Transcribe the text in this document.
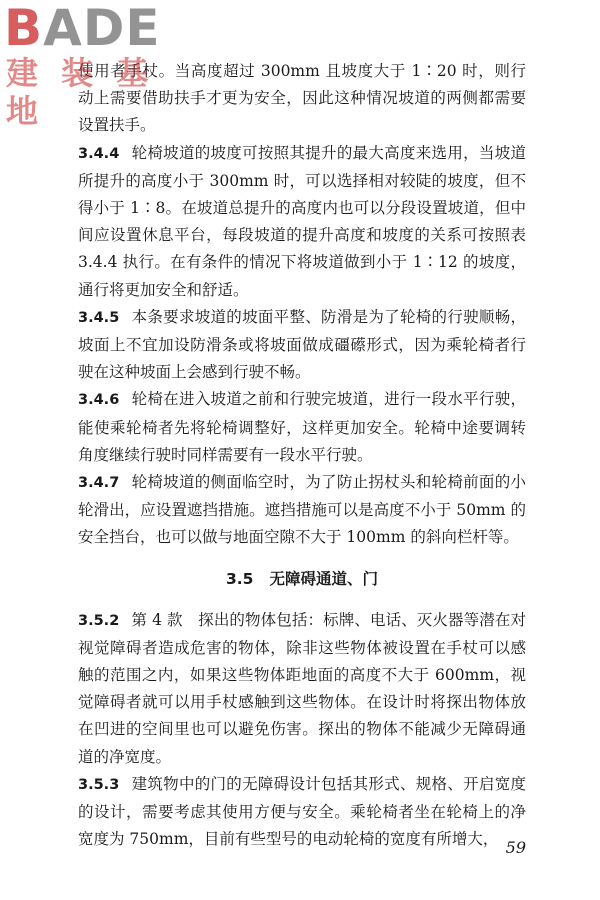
BADE
建 装 基 地

使用者手杖。当高度超过 300mm 且坡度大于 1∶20 时，则行动上需要借助扶手才更为安全，因此这种情况坡道的两侧都需要设置扶手。

3.4.4 轮椅坡道的坡度可按照其提升的最大高度来选用，当坡道所提升的高度小于 300mm 时，可以选择相对较陡的坡度，但不得小于 1∶8。在坡道总提升的高度内也可以分段设置坡道，但中间应设置休息平台，每段坡道的提升高度和坡度的关系可按照表 3.4.4 执行。在有条件的情况下将坡道做到小于 1∶12 的坡度，通行将更加安全和舒适。

3.4.5 本条要求坡道的坡面平整、防滑是为了轮椅的行驶顺畅，坡面上不宜加设防滑条或将坡面做成礓礤形式，因为乘轮椅者行驶在这种坡面上会感到行驶不畅。

3.4.6 轮椅在进入坡道之前和行驶完坡道，进行一段水平行驶，能使乘轮椅者先将轮椅调整好，这样更加安全。轮椅中途要调转角度继续行驶时同样需要有一段水平行驶。

3.4.7 轮椅坡道的侧面临空时，为了防止拐杖头和轮椅前面的小轮滑出，应设置遮挡措施。遮挡措施可以是高度不小于 50mm 的安全挡台，也可以做与地面空隙不大于 100mm 的斜向栏杆等。

3.5 无障碍通道、门

3.5.2 第 4 款　探出的物体包括：标牌、电话、灭火器等潜在对视觉障碍者造成危害的物体，除非这些物体被设置在手杖可以感触的范围之内，如果这些物体距地面的高度不大于 600mm，视觉障碍者就可以用手杖感触到这些物体。在设计时将探出物体放在凹进的空间里也可以避免伤害。探出的物体不能减少无障碍通道的净宽度。

3.5.3 建筑物中的门的无障碍设计包括其形式、规格、开启宽度的设计，需要考虑其使用方便与安全。乘轮椅者坐在轮椅上的净宽度为 750mm，目前有些型号的电动轮椅的宽度有所增大， 59
